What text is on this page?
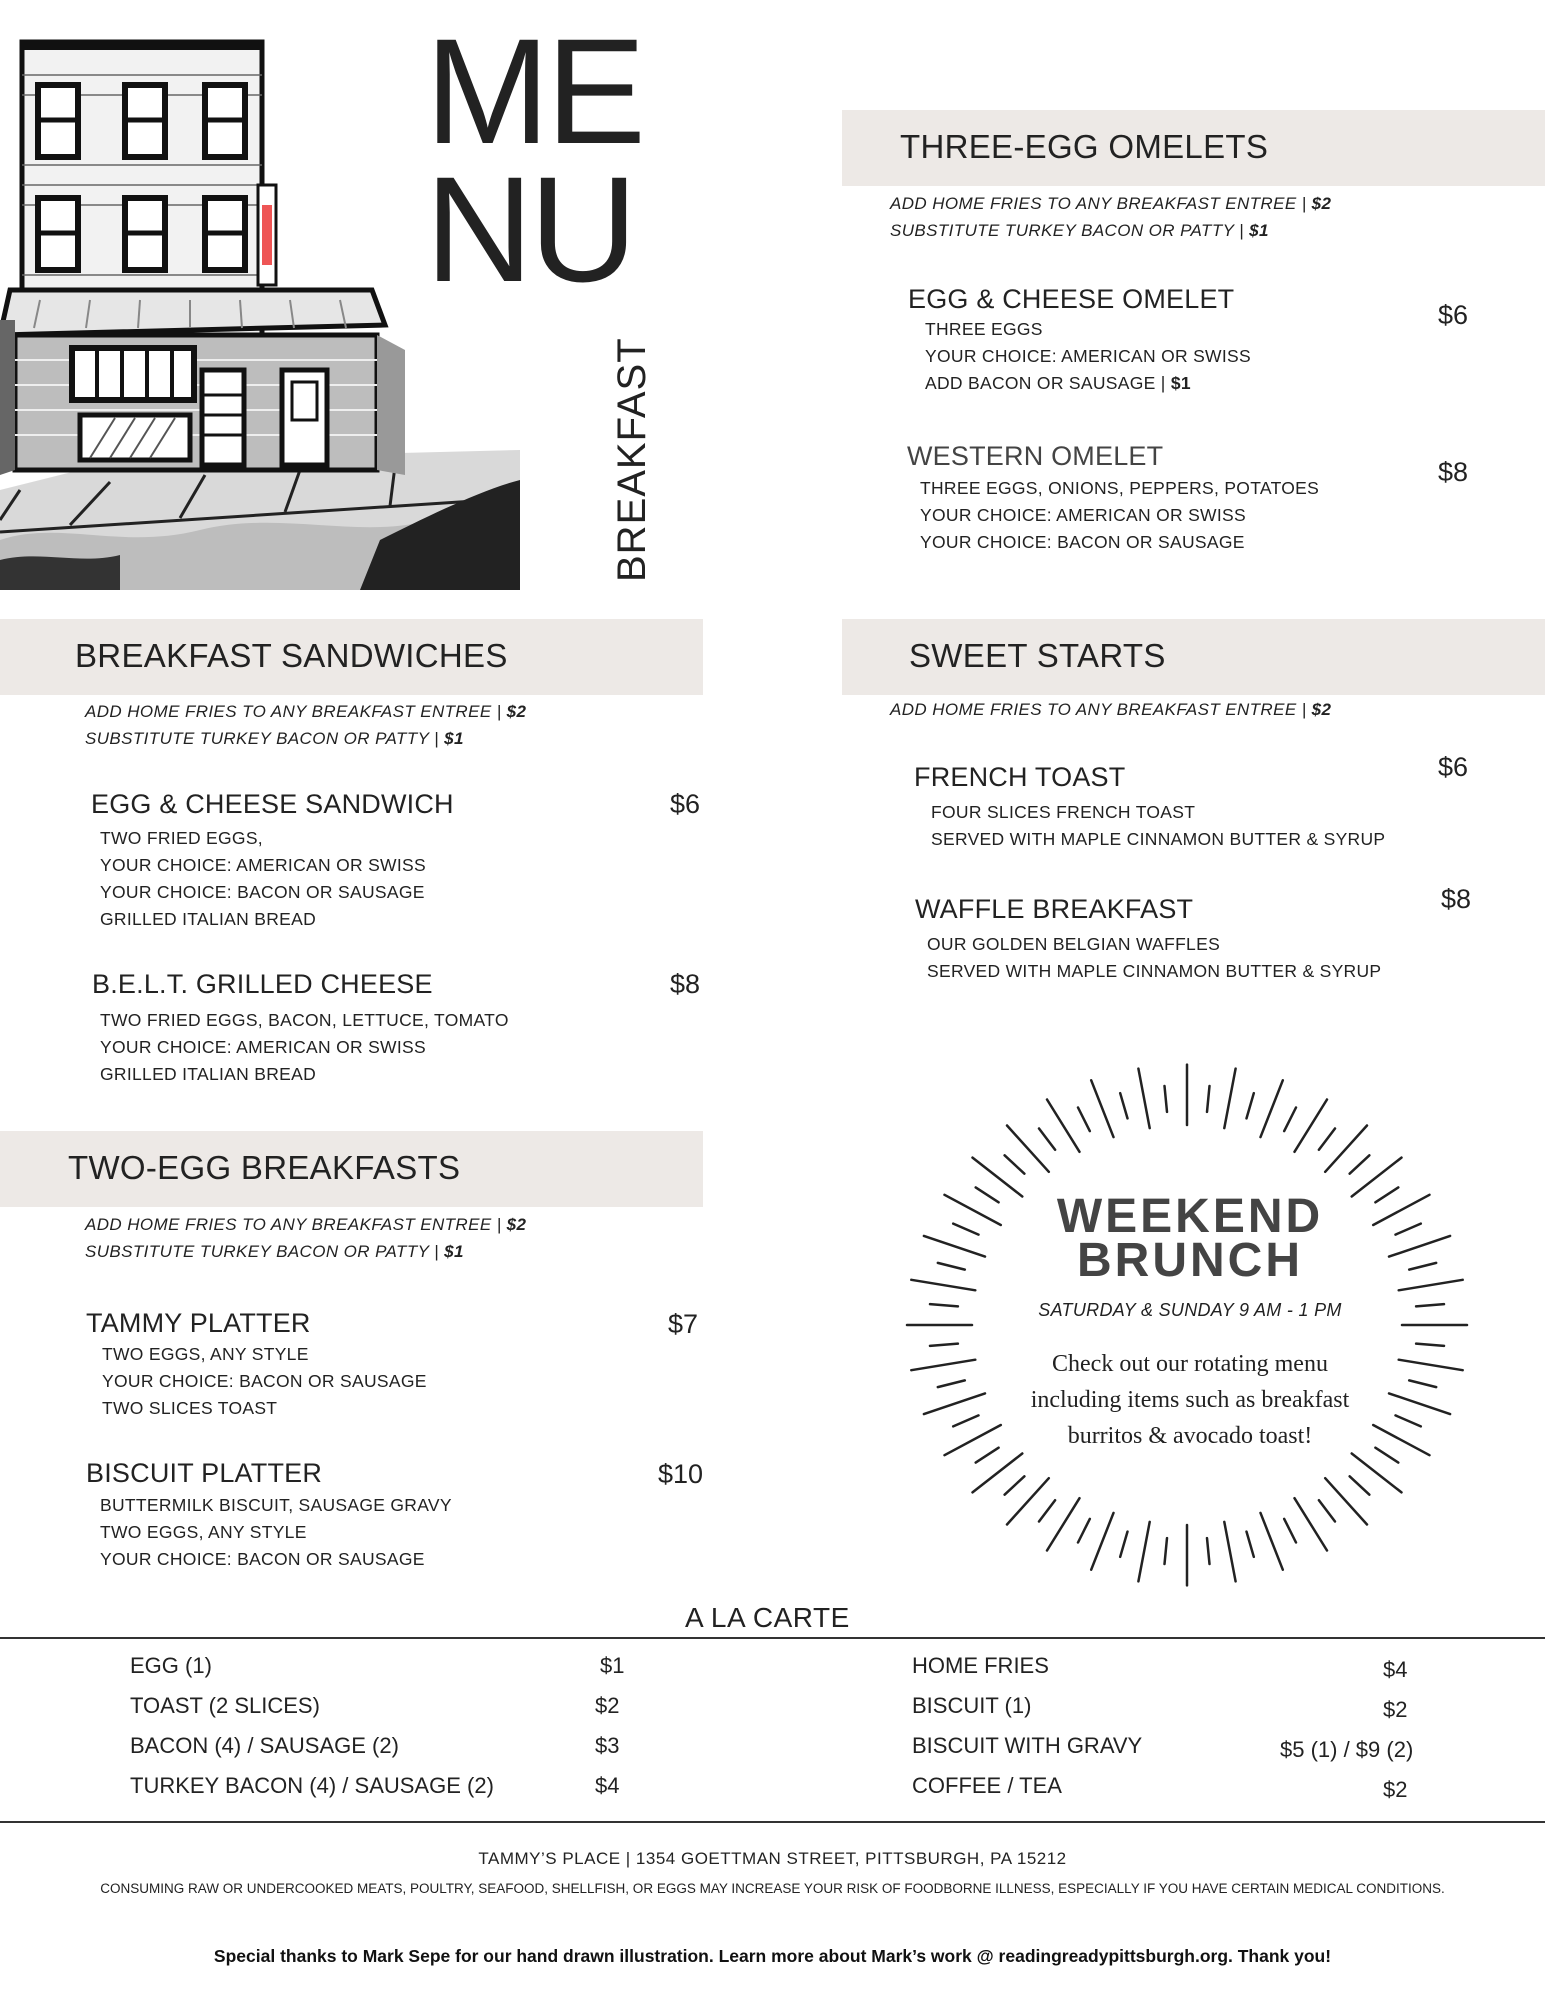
ME
NU
BREAKFAST
THREE-EGG OMELETS
ADD HOME FRIES TO ANY BREAKFAST ENTREE | $2
SUBSTITUTE TURKEY BACON OR PATTY | $1
EGG & CHEESE OMELET
$6
THREE EGGS
YOUR CHOICE: AMERICAN OR SWISS
ADD BACON OR SAUSAGE | $1
WESTERN OMELET
$8
THREE EGGS, ONIONS, PEPPERS, POTATOES
YOUR CHOICE: AMERICAN OR SWISS
YOUR CHOICE: BACON OR SAUSAGE
BREAKFAST SANDWICHES
ADD HOME FRIES TO ANY BREAKFAST ENTREE | $2
SUBSTITUTE TURKEY BACON OR PATTY | $1
EGG & CHEESE SANDWICH	$6
TWO FRIED EGGS,
YOUR CHOICE: AMERICAN OR SWISS
YOUR CHOICE: BACON OR SAUSAGE
GRILLED ITALIAN BREAD
B.E.L.T. GRILLED CHEESE	$8
TWO FRIED EGGS, BACON, LETTUCE, TOMATO
YOUR CHOICE: AMERICAN OR SWISS
GRILLED ITALIAN BREAD
SWEET STARTS
ADD HOME FRIES TO ANY BREAKFAST ENTREE | $2
FRENCH TOAST	$6
FOUR SLICES FRENCH TOAST
SERVED WITH MAPLE CINNAMON BUTTER & SYRUP
WAFFLE BREAKFAST	$8
OUR GOLDEN BELGIAN WAFFLES
SERVED WITH MAPLE CINNAMON BUTTER & SYRUP
TWO-EGG BREAKFASTS
ADD HOME FRIES TO ANY BREAKFAST ENTREE | $2
SUBSTITUTE TURKEY BACON OR PATTY | $1
TAMMY PLATTER	$7
TWO EGGS, ANY STYLE
YOUR CHOICE: BACON OR SAUSAGE
TWO SLICES TOAST
BISCUIT PLATTER	$10
BUTTERMILK BISCUIT, SAUSAGE GRAVY
TWO EGGS, ANY STYLE
YOUR CHOICE: BACON OR SAUSAGE
WEEKEND
BRUNCH
SATURDAY & SUNDAY 9 AM - 1 PM
Check out our rotating menu
including items such as breakfast
burritos & avocado toast!
A LA CARTE
EGG (1)	$1
TOAST (2 SLICES)	$2
BACON (4) / SAUSAGE (2)	$3
TURKEY BACON (4) / SAUSAGE (2)	$4
HOME FRIES	$4
BISCUIT (1)	$2
BISCUIT WITH GRAVY	$5 (1) / $9 (2)
COFFEE / TEA	$2
TAMMY’S PLACE | 1354 GOETTMAN STREET, PITTSBURGH, PA 15212
CONSUMING RAW OR UNDERCOOKED MEATS, POULTRY, SEAFOOD, SHELLFISH, OR EGGS MAY INCREASE YOUR RISK OF FOODBORNE ILLNESS, ESPECIALLY IF YOU HAVE CERTAIN MEDICAL CONDITIONS.
Special thanks to Mark Sepe for our hand drawn illustration. Learn more about Mark’s work @ readingreadypittsburgh.org. Thank you!
